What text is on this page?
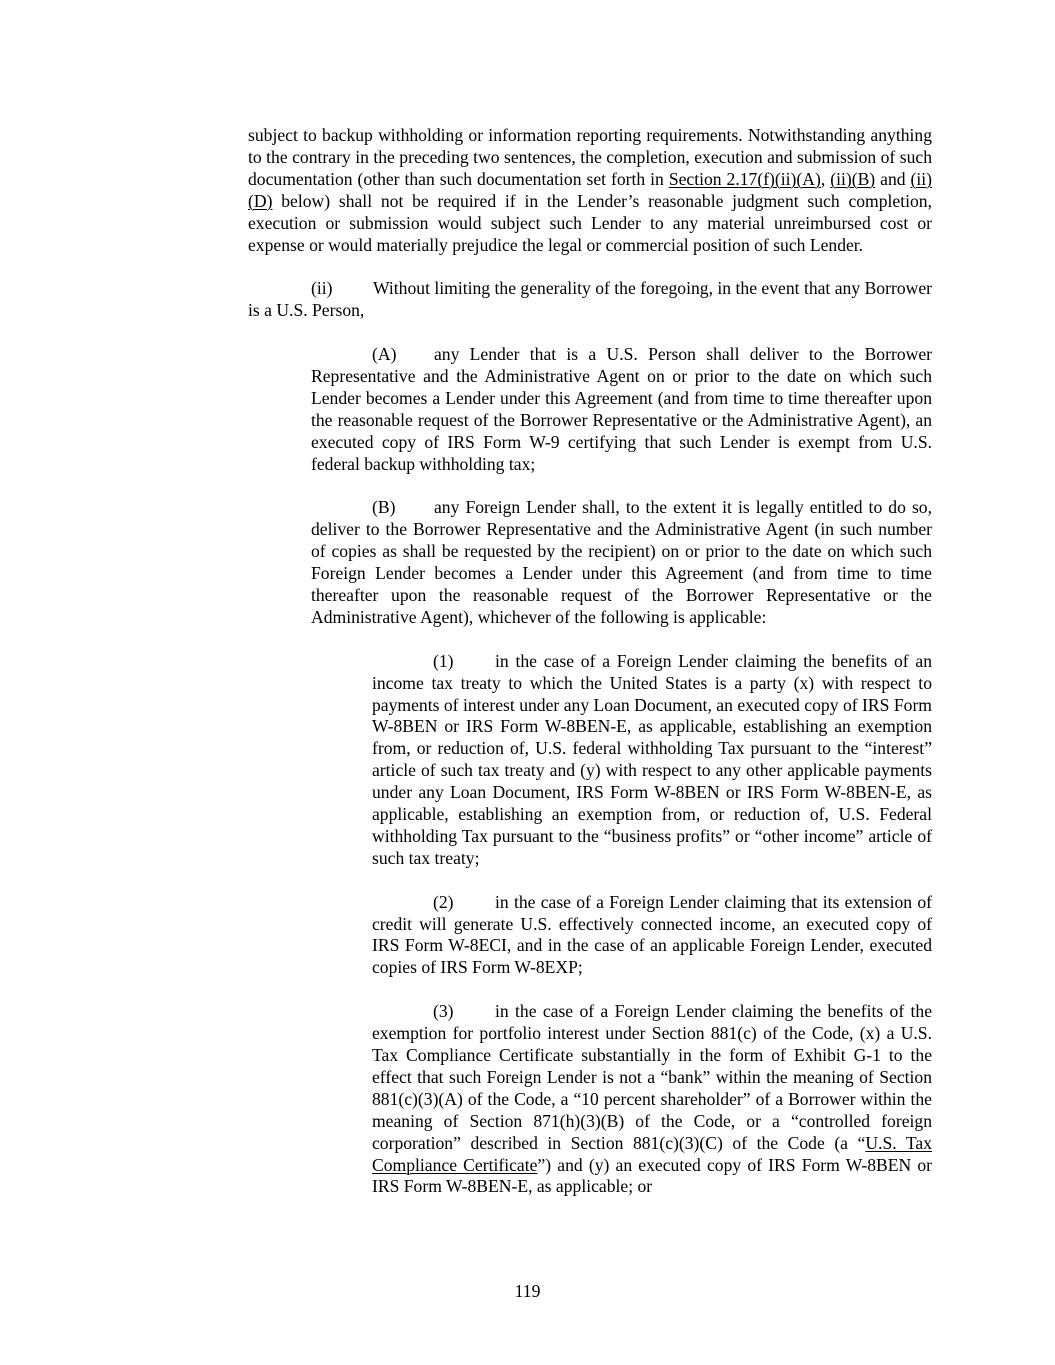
subject to backup withholding or information reporting requirements. Notwithstanding anything to the contrary in the preceding two sentences, the completion, execution and submission of such documentation (other than such documentation set forth in Section 2.17(f)(ii)(A), (ii)(B) and (ii)(D) below) shall not be required if in the Lender’s reasonable judgment such completion, execution or submission would subject such Lender to any material unreimbursed cost or expense or would materially prejudice the legal or commercial position of such Lender.

(ii) Without limiting the generality of the foregoing, in the event that any Borrower is a U.S. Person,

(A) any Lender that is a U.S. Person shall deliver to the Borrower Representative and the Administrative Agent on or prior to the date on which such Lender becomes a Lender under this Agreement (and from time to time thereafter upon the reasonable request of the Borrower Representative or the Administrative Agent), an executed copy of IRS Form W-9 certifying that such Lender is exempt from U.S. federal backup withholding tax;

(B) any Foreign Lender shall, to the extent it is legally entitled to do so, deliver to the Borrower Representative and the Administrative Agent (in such number of copies as shall be requested by the recipient) on or prior to the date on which such Foreign Lender becomes a Lender under this Agreement (and from time to time thereafter upon the reasonable request of the Borrower Representative or the Administrative Agent), whichever of the following is applicable:

(1) in the case of a Foreign Lender claiming the benefits of an income tax treaty to which the United States is a party (x) with respect to payments of interest under any Loan Document, an executed copy of IRS Form W-8BEN or IRS Form W-8BEN-E, as applicable, establishing an exemption from, or reduction of, U.S. federal withholding Tax pursuant to the “interest” article of such tax treaty and (y) with respect to any other applicable payments under any Loan Document, IRS Form W-8BEN or IRS Form W-8BEN-E, as applicable, establishing an exemption from, or reduction of, U.S. Federal withholding Tax pursuant to the “business profits” or “other income” article of such tax treaty;

(2) in the case of a Foreign Lender claiming that its extension of credit will generate U.S. effectively connected income, an executed copy of IRS Form W-8ECI, and in the case of an applicable Foreign Lender, executed copies of IRS Form W-8EXP;

(3) in the case of a Foreign Lender claiming the benefits of the exemption for portfolio interest under Section 881(c) of the Code, (x) a U.S. Tax Compliance Certificate substantially in the form of Exhibit G-1 to the effect that such Foreign Lender is not a “bank” within the meaning of Section 881(c)(3)(A) of the Code, a “10 percent shareholder” of a Borrower within the meaning of Section 871(h)(3)(B) of the Code, or a “controlled foreign corporation” described in Section 881(c)(3)(C) of the Code (a “U.S. Tax Compliance Certificate”) and (y) an executed copy of IRS Form W-8BEN or IRS Form W-8BEN-E, as applicable; or

119
